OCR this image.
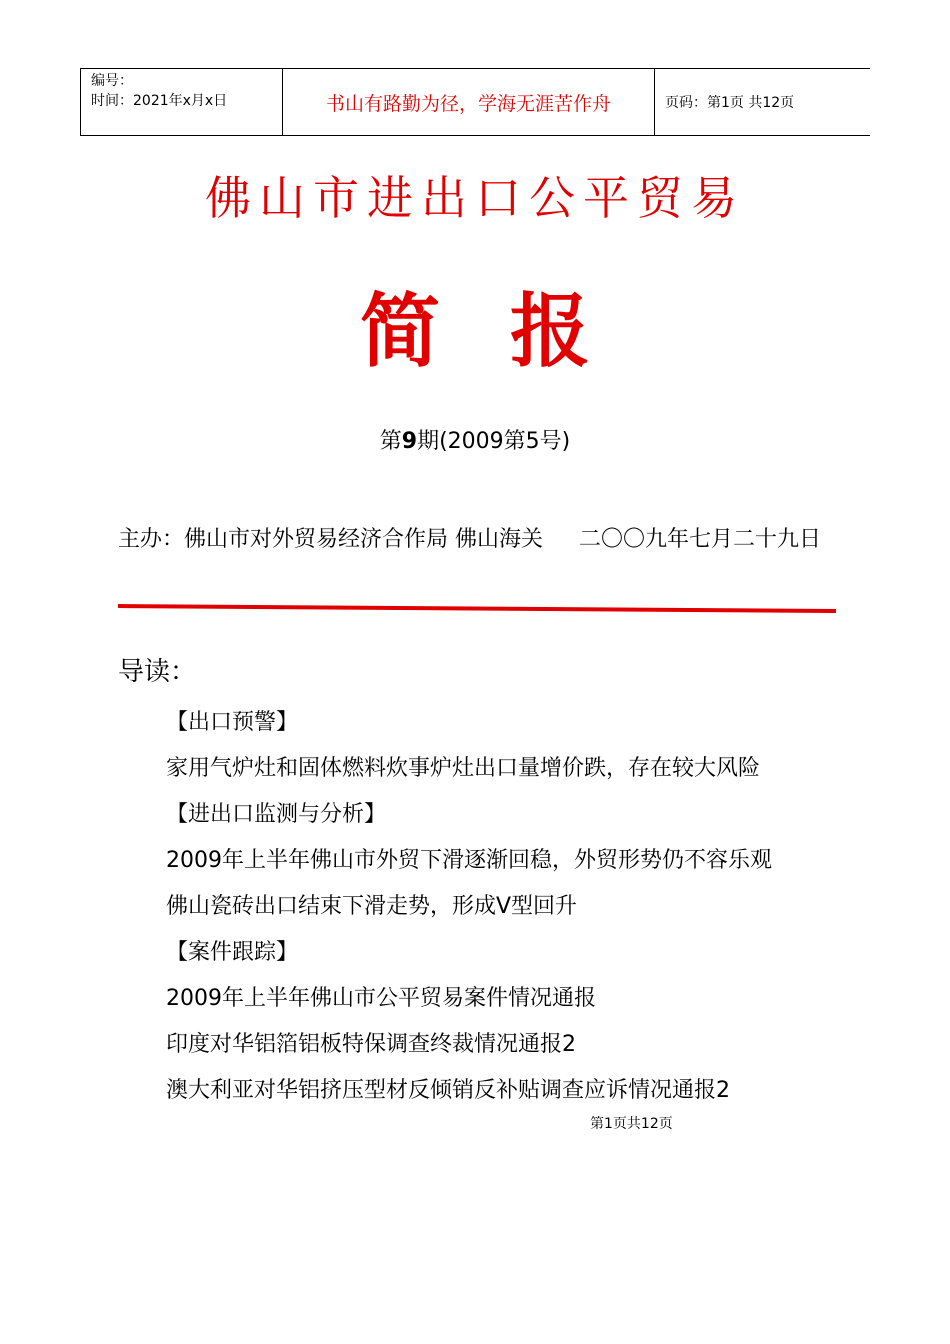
编号：
时间：2021年x月x日	书山有路勤为径，学海无涯苦作舟	页码：第1页 共12页
佛山市进出口公平贸易
简 报
第9期(2009第5号)
主办：佛山市对外贸易经济合作局 佛山海关 二〇〇九年七月二十九日
导读：
【出口预警】
家用气炉灶和固体燃料炊事炉灶出口量增价跌，存在较大风险
【进出口监测与分析】
2009年上半年佛山市外贸下滑逐渐回稳，外贸形势仍不容乐观
佛山瓷砖出口结束下滑走势，形成V型回升
【案件跟踪】
2009年上半年佛山市公平贸易案件情况通报
印度对华铝箔铝板特保调查终裁情况通报2
澳大利亚对华铝挤压型材反倾销反补贴调查应诉情况通报2
第1页共12页
